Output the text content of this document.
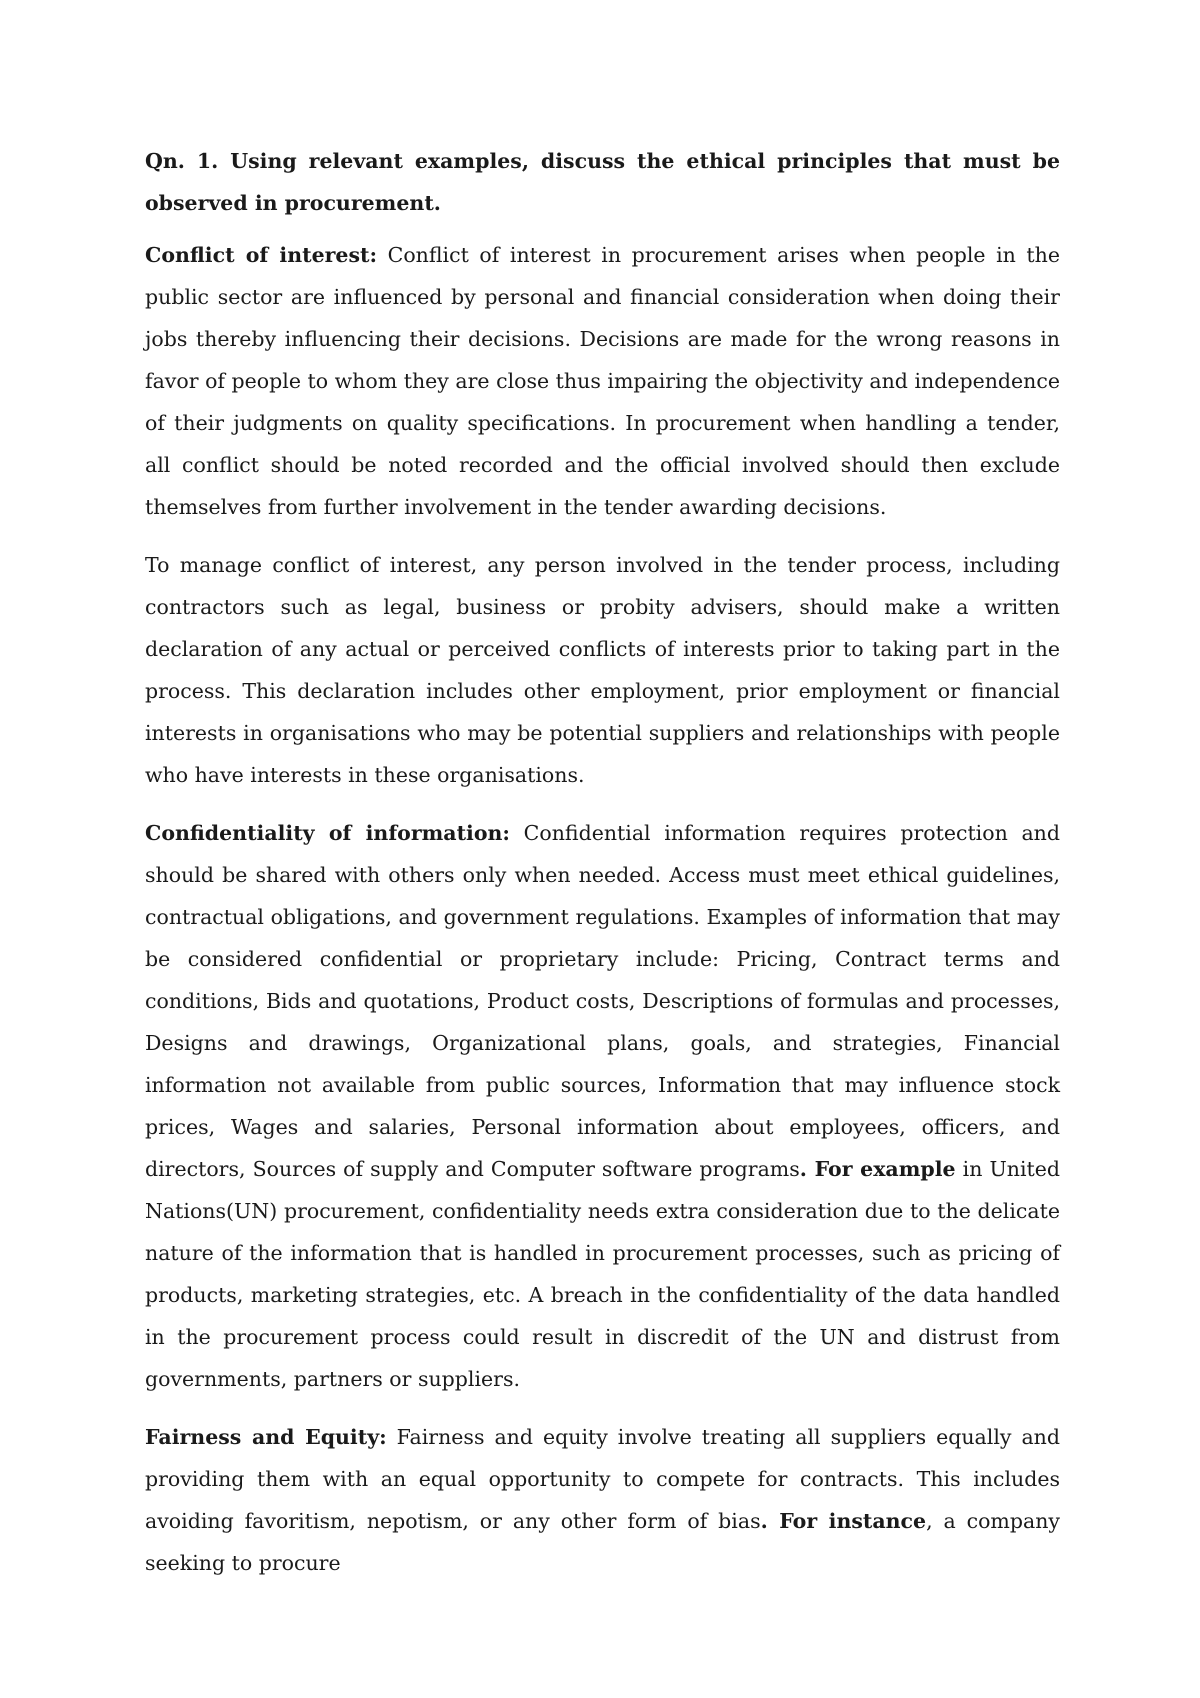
Qn. 1. Using relevant examples, discuss the ethical principles that must be observed in procurement.

Conflict of interest: Conflict of interest in procurement arises when people in the public sector are influenced by personal and financial consideration when doing their jobs thereby influencing their decisions. Decisions are made for the wrong reasons in favor of people to whom they are close thus impairing the objectivity and independence of their judgments on quality specifications. In procurement when handling a tender, all conflict should be noted recorded and the official involved should then exclude themselves from further involvement in the tender awarding decisions.

To manage conflict of interest, any person involved in the tender process, including contractors such as legal, business or probity advisers, should make a written declaration of any actual or perceived conflicts of interests prior to taking part in the process. This declaration includes other employment, prior employment or financial interests in organisations who may be potential suppliers and relationships with people who have interests in these organisations.

Confidentiality of information: Confidential information requires protection and should be shared with others only when needed. Access must meet ethical guidelines, contractual obligations, and government regulations. Examples of information that may be considered confidential or proprietary include: Pricing, Contract terms and conditions, Bids and quotations, Product costs, Descriptions of formulas and processes, Designs and drawings, Organizational plans, goals, and strategies, Financial information not available from public sources, Information that may influence stock prices, Wages and salaries, Personal information about employees, officers, and directors, Sources of supply and Computer software programs. For example in United Nations(UN) procurement, confidentiality needs extra consideration due to the delicate nature of the information that is handled in procurement processes, such as pricing of products, marketing strategies, etc. A breach in the confidentiality of the data handled in the procurement process could result in discredit of the UN and distrust from governments, partners or suppliers.

Fairness and Equity: Fairness and equity involve treating all suppliers equally and providing them with an equal opportunity to compete for contracts. This includes avoiding favoritism, nepotism, or any other form of bias. For instance, a company seeking to procure
